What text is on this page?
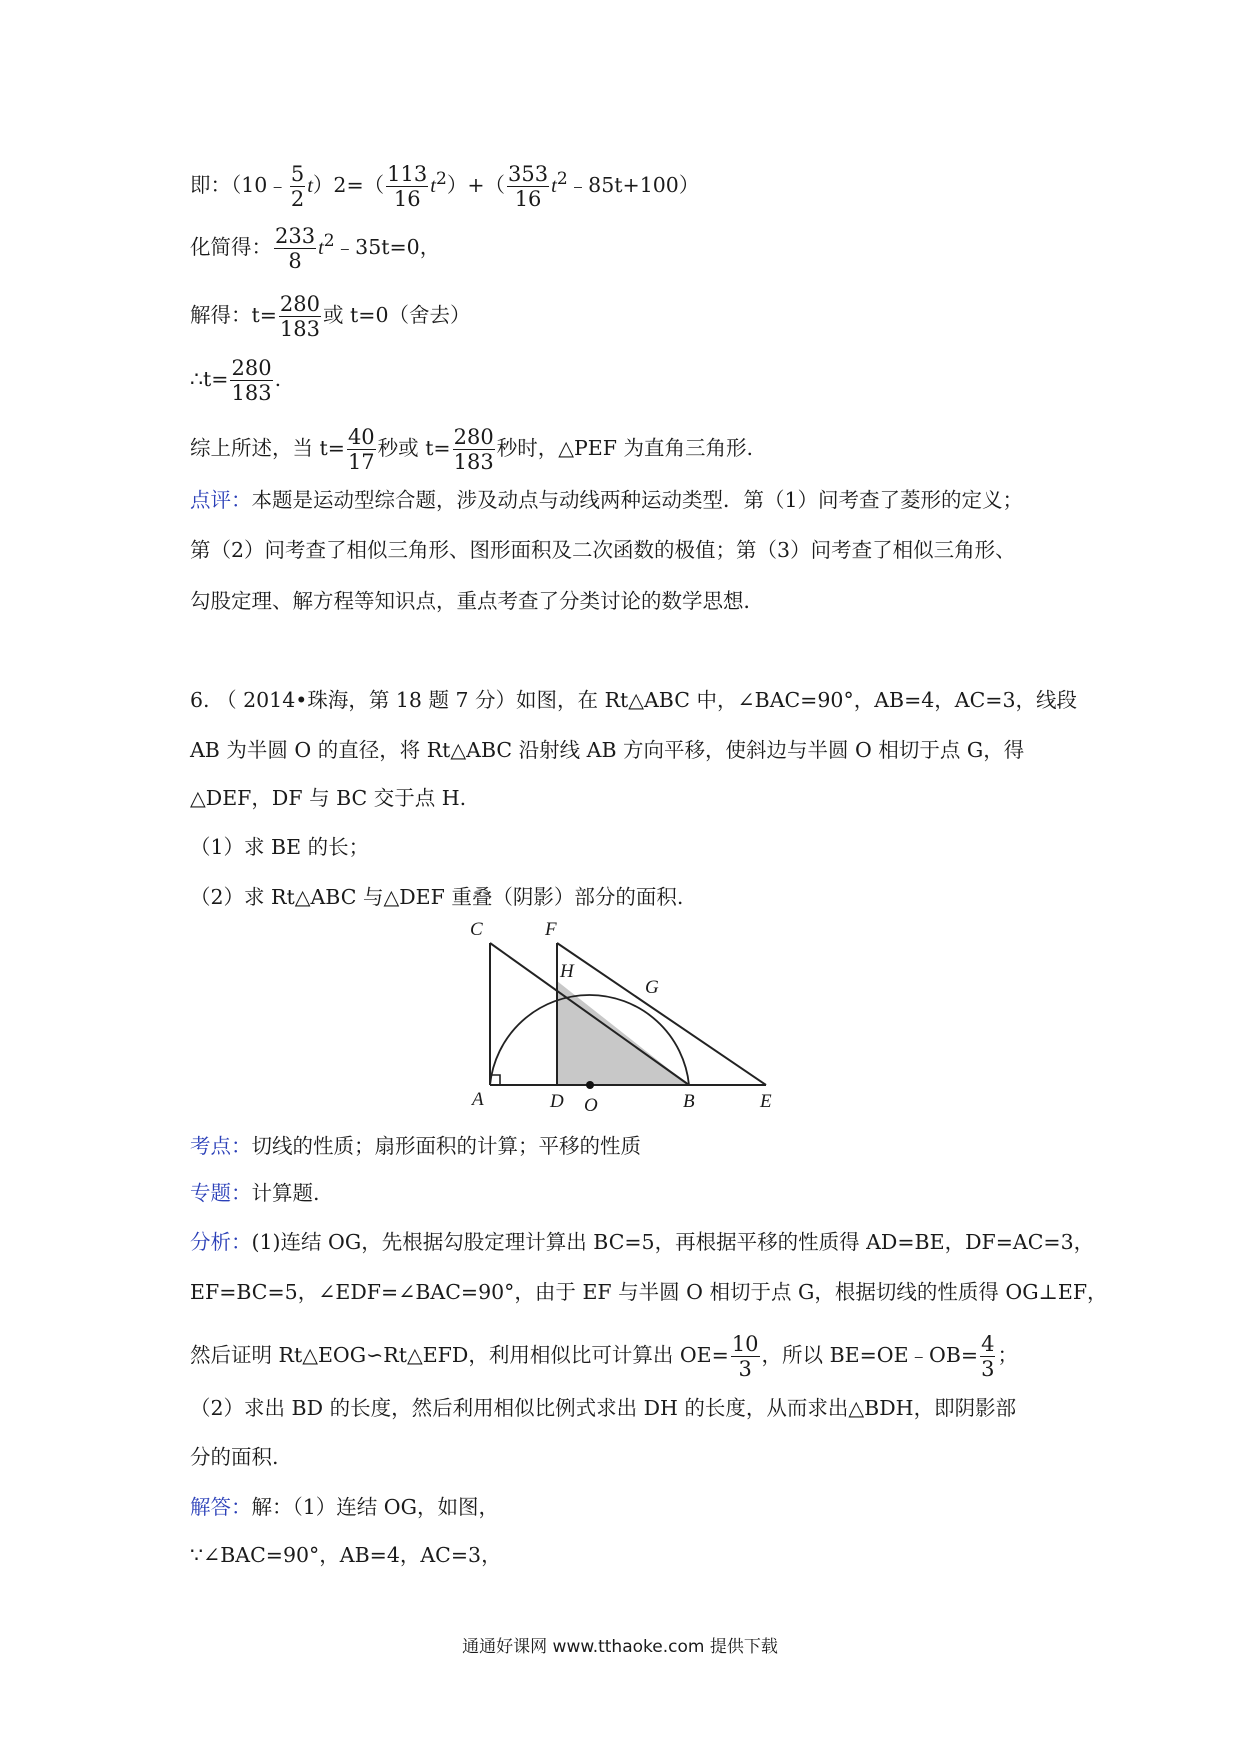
即：（10﹣ $\frac{5}{2} t)2=( \frac{113}{16} t^2)+( \frac{353}{16}$ $t^2﹣85t+100$）
化简得： $\frac{233}{8}$ $t^2﹣35t=0$，
解得：$t= \frac{280}{183}$ 或 t=0（舍去）
∴t= $\frac{280}{183}$ .
综上所述，当 $t= \frac{40}{17}$ 秒或 $t= \frac{280}{183}$ 秒时，△PEF 为直角三角形.
点评：本题是运动型综合题，涉及动点与动线两种运动类型．第（1）问考查了菱形的定义；
第（2）问考查了相似三角形、图形面积及二次函数的极值；第（3）问考查了相似三角形、
勾股定理、解方程等知识点，重点考查了分类讨论的数学思想．
6. （ 2014•珠海，第 18 题 7 分）如图，在 Rt△ABC 中，∠BAC=90°，AB=4，AC=3，线段
AB 为半圆 O 的直径，将 Rt△ABC 沿射线 AB 方向平移，使斜边与半圆 O 相切于点 G，得
△DEF，DF 与 BC 交于点 H.
（1）求 BE 的长；
（2）求 Rt△ABC 与△DEF 重叠（阴影）部分的面积.
C	F
H
G
A	D O	B	E
考点：切线的性质；扇形面积的计算；平移的性质
专题：计算题.
分析：(1)连结 OG，先根据勾股定理计算出 BC=5，再根据平移的性质得 AD=BE，DF=AC=3，
EF=BC=5，∠EDF=∠BAC=90°，由于 EF 与半圆 O 相切于点 G，根据切线的性质得 OG⊥EF，
然后证明 Rt△EOG∽Rt△EFD，利用相似比可计算出 $OE= \frac{10}{3}$ ，所以 BE=OE﹣OB= $\frac{4}{3}$ ；
（2）求出 BD 的长度，然后利用相似比例式求出 DH 的长度，从而求出△BDH，即阴影部
分的面积.
解答：解：（1）连结 OG，如图，
∵∠BAC=90°，AB=4，AC=3，
通通好课网 www.tthaoke.com 提供下载
